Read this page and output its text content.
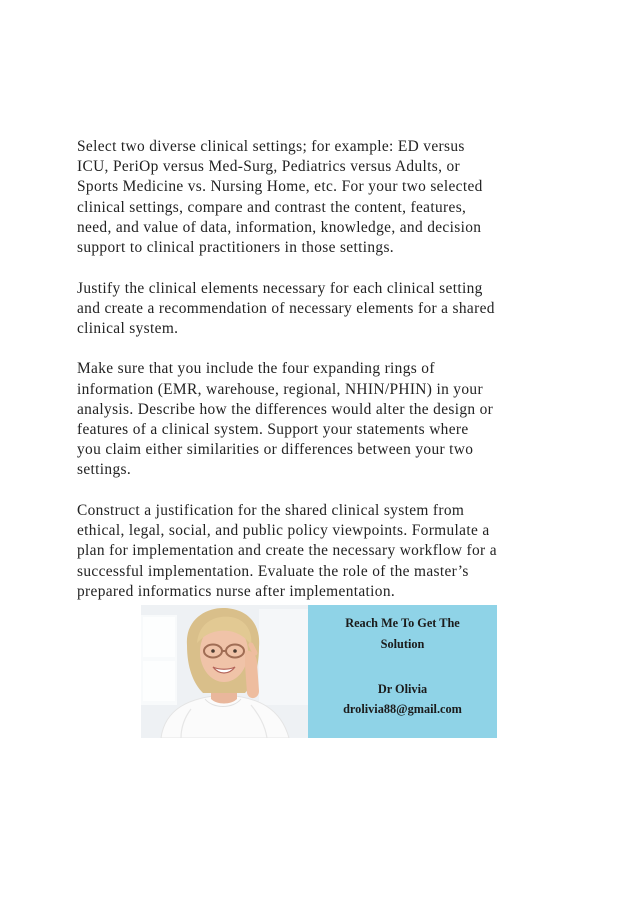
Select two diverse clinical settings; for example: ED versus
ICU, PeriOp versus Med-Surg, Pediatrics versus Adults, or
Sports Medicine vs. Nursing Home, etc. For your two selected
clinical settings, compare and contrast the content, features,
need, and value of data, information, knowledge, and decision
support to clinical practitioners in those settings.

Justify the clinical elements necessary for each clinical setting
and create a recommendation of necessary elements for a shared
clinical system.

Make sure that you include the four expanding rings of
information (EMR, warehouse, regional, NHIN/PHIN) in your
analysis. Describe how the differences would alter the design or
features of a clinical system. Support your statements where
you claim either similarities or differences between your two
settings.

Construct a justification for the shared clinical system from
ethical, legal, social, and public policy viewpoints. Formulate a
plan for implementation and create the necessary workflow for a
successful implementation. Evaluate the role of the master’s
prepared informatics nurse after implementation.

Reach Me To Get The
Solution
Dr Olivia
drolivia88@gmail.com
